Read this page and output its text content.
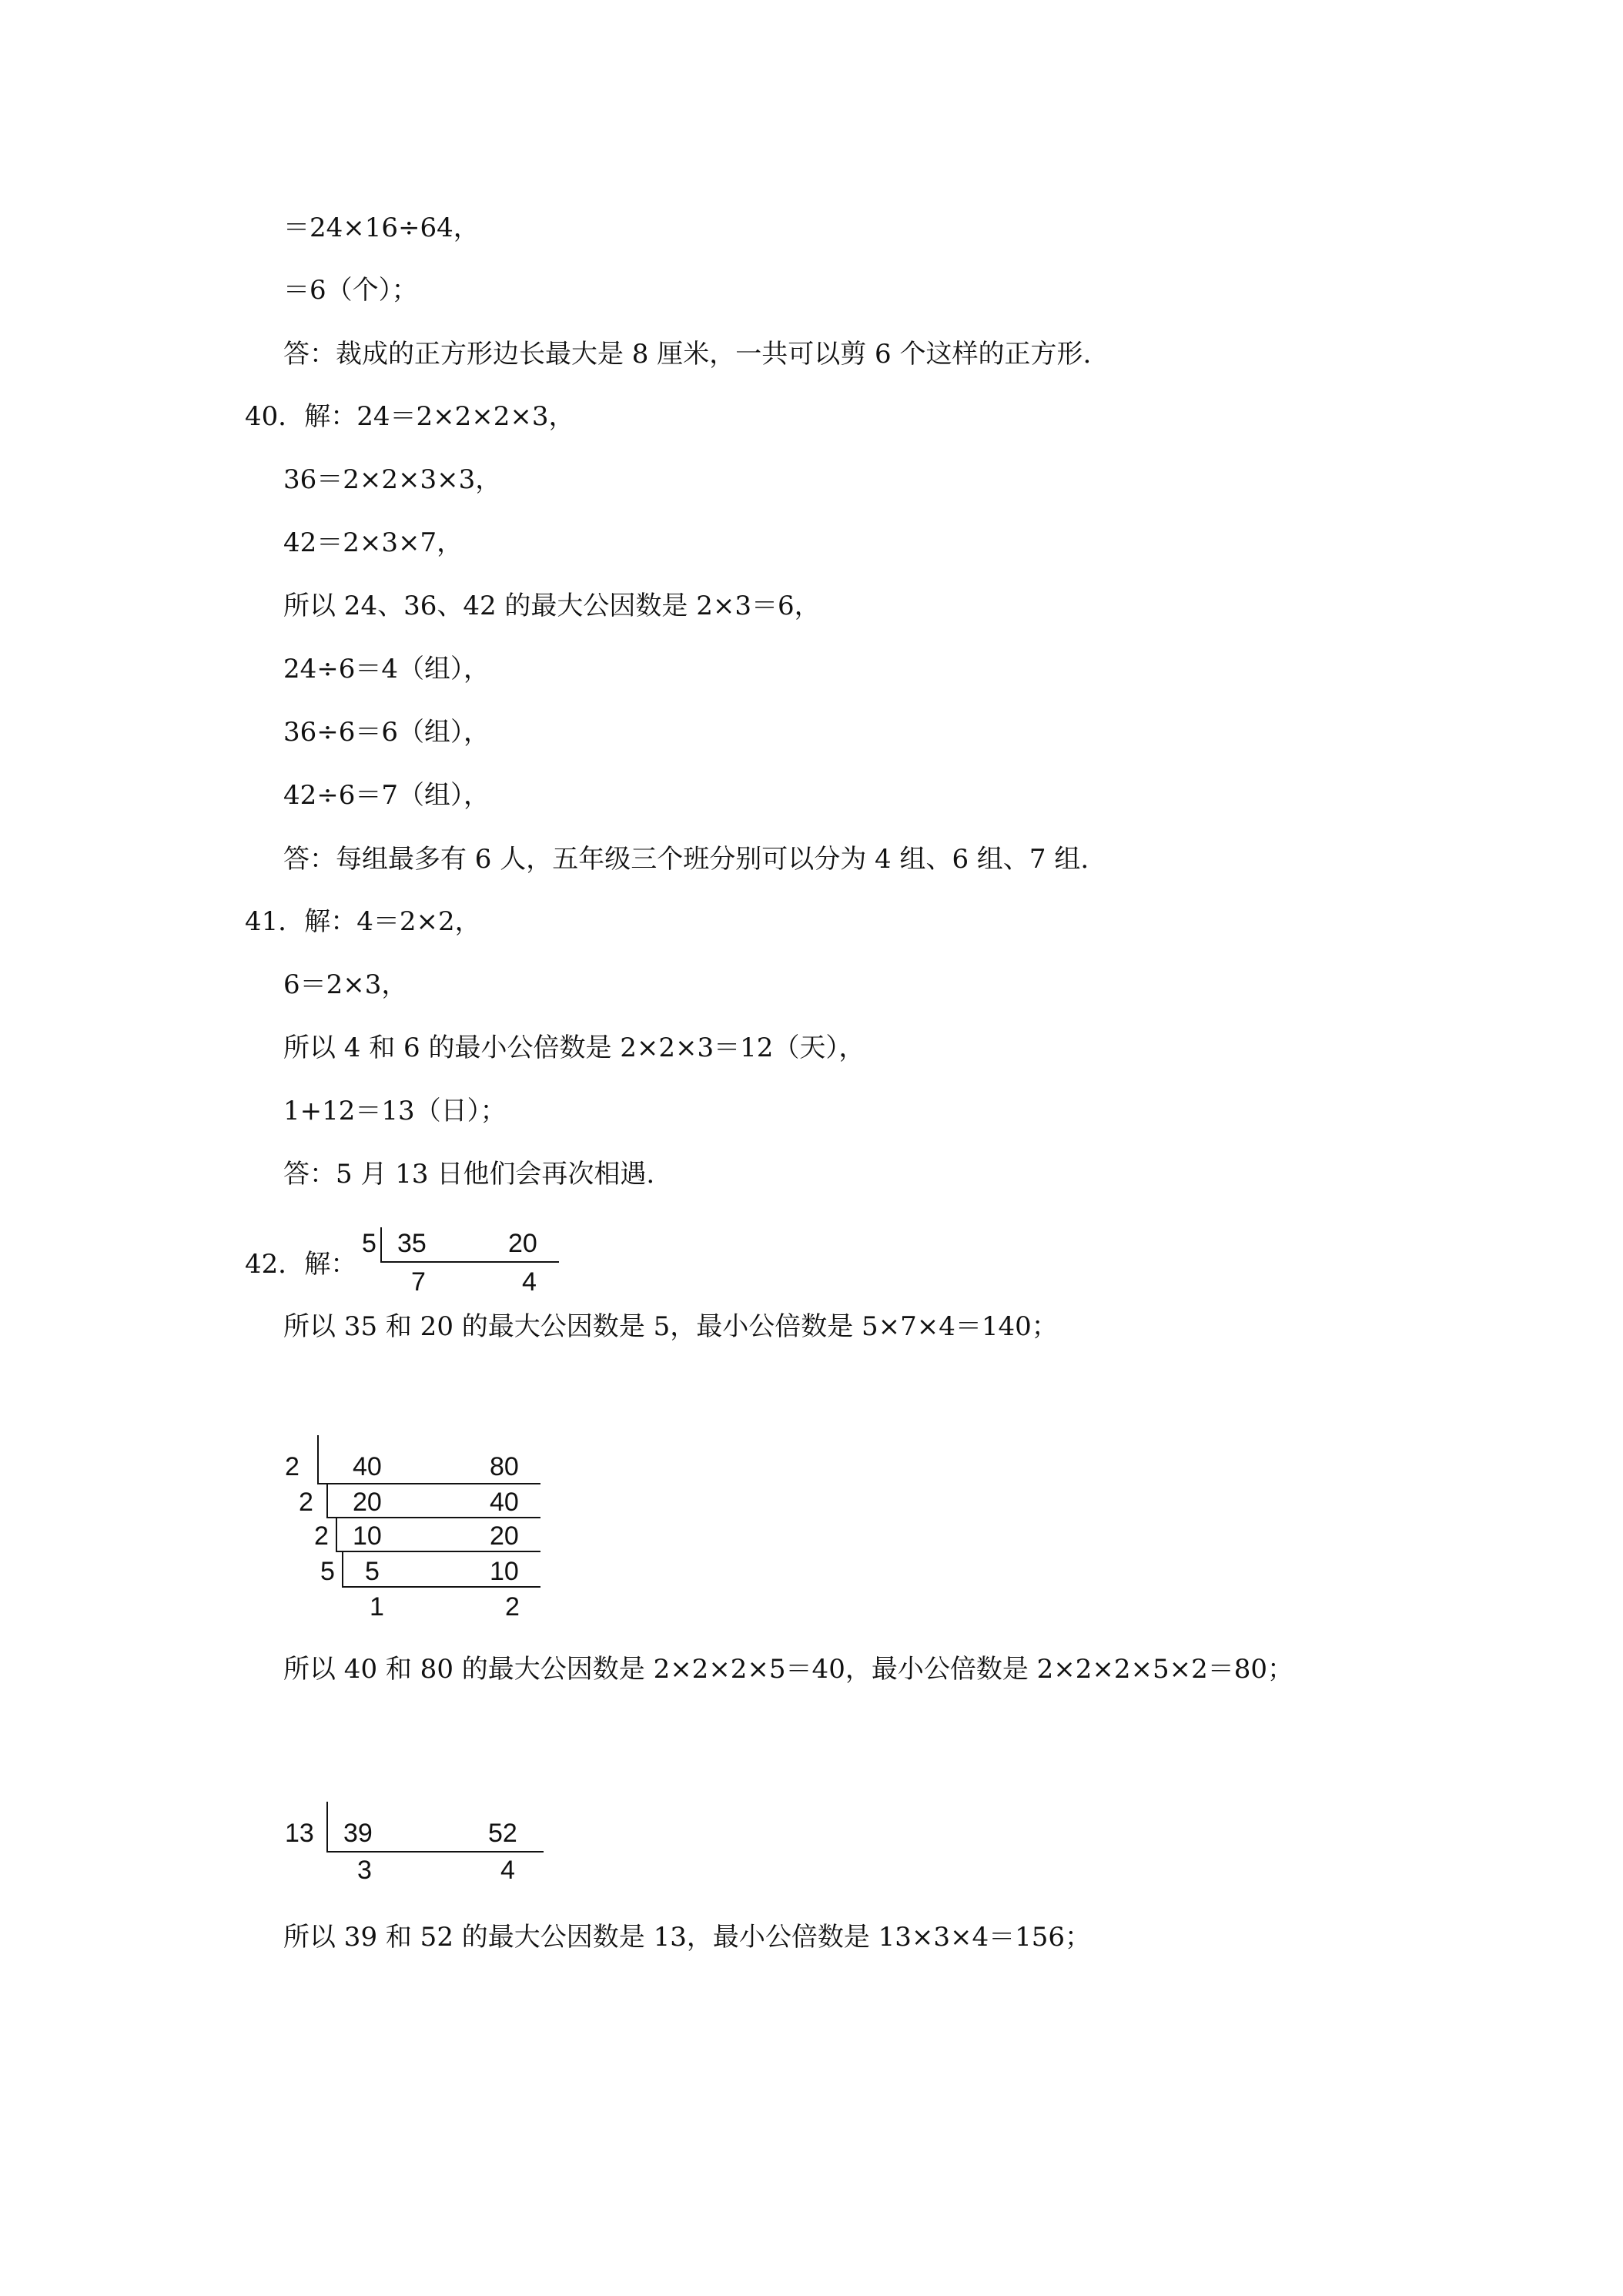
＝24×16÷64，
＝6（个）；
答：裁成的正方形边长最大是 8 厘米，一共可以剪 6 个这样的正方形.
40．解：24＝2×2×2×3，
36＝2×2×3×3，
42＝2×3×7，
所以 24、36、42 的最大公因数是 2×3＝6，
24÷6＝4（组），
36÷6＝6（组），
42÷6＝7（组），
答：每组最多有 6 人，五年级三个班分别可以分为 4 组、6 组、7 组.
41．解：4＝2×2，
6＝2×3，
所以 4 和 6 的最小公倍数是 2×2×3＝12（天），
1+12＝13（日）；
答：5 月 13 日他们会再次相遇.
42．解：
5 35	20
7	4
所以 35 和 20 的最大公因数是 5，最小公倍数是 5×7×4＝140；
2 40	80
2 20	40
2 10	20
5 5	10
1	2
所以 40 和 80 的最大公因数是 2×2×2×5＝40，最小公倍数是 2×2×2×5×2＝80；
13 39	52
3	4
所以 39 和 52 的最大公因数是 13，最小公倍数是 13×3×4＝156；
